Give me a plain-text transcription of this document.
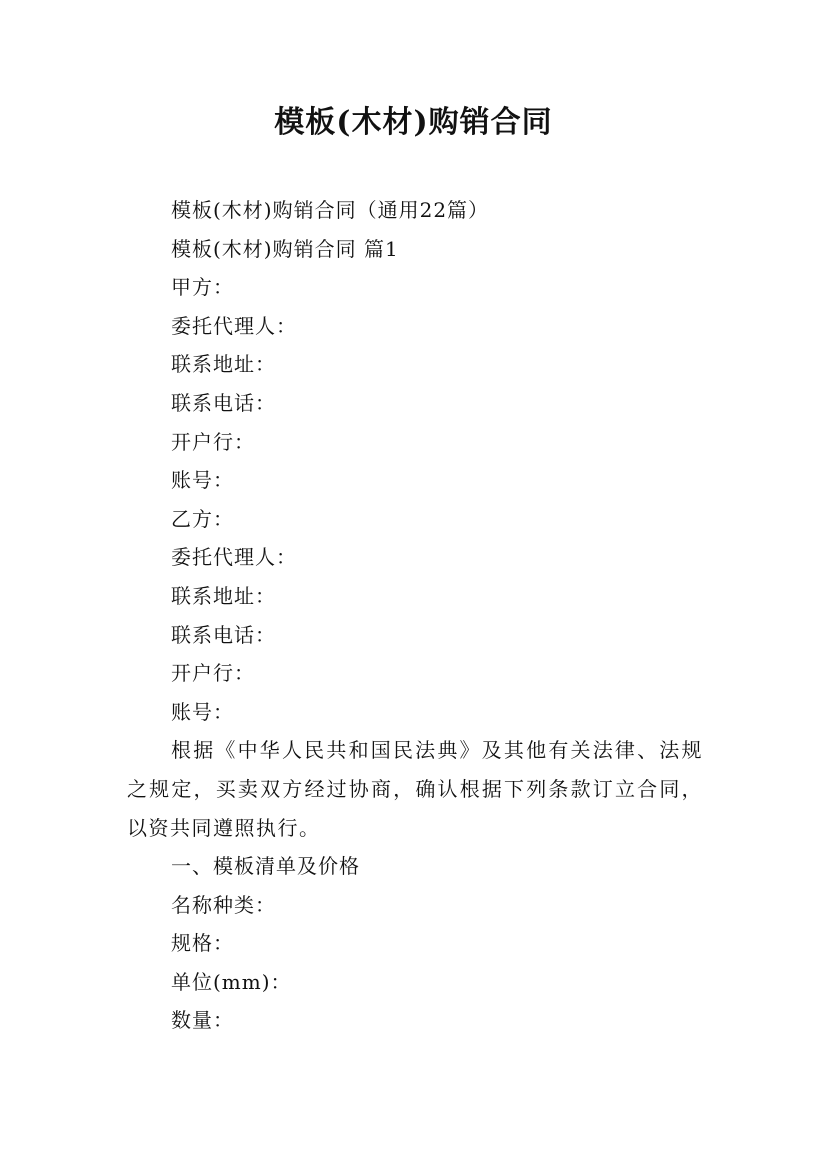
模板(木材)购销合同
模板(木材)购销合同（通用22篇）
模板(木材)购销合同 篇1
甲方：
委托代理人：
联系地址：
联系电话：
开户行：
账号：
乙方：
委托代理人：
联系地址：
联系电话：
开户行：
账号：

根据《中华人民共和国民法典》及其他有关法律、法规之规定，买卖双方经过协商，确认根据下列条款订立合同，以资共同遵照执行。

一、模板清单及价格
名称种类：
规格：
单位(mm)：
数量：
